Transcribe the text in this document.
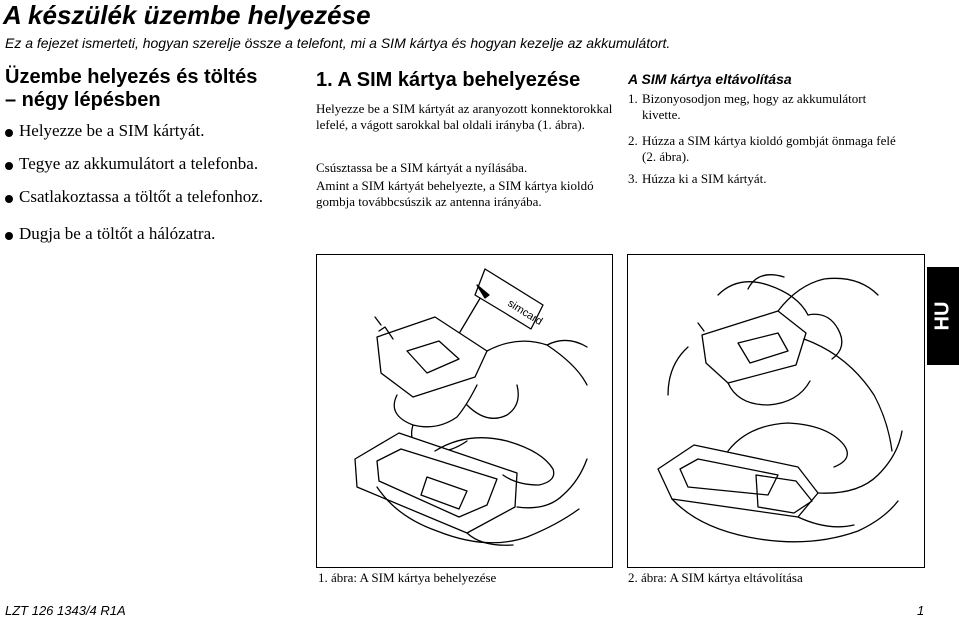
A készülék üzembe helyezése
Ez a fejezet ismerteti, hogyan szerelje össze a telefont, mi a SIM kártya és hogyan kezelje az akkumulátort.
Üzembe helyezés és töltés
– négy lépésben
Helyezze be a SIM kártyát.
Tegye az akkumulátort a telefonba.
Csatlakoztassa a töltőt a telefonhoz.
Dugja be a töltőt a hálózatra.
1. A SIM kártya behelyezése
Helyezze be a SIM kártyát az aranyozott konnektorokkal lefelé, a vágott sarokkal bal oldali irányba (1. ábra).
Csúsztassa be a SIM kártyát a nyílásába.
Amint a SIM kártyát behelyezte, a SIM kártya kioldó gombja továbbcsúszik az antenna irányába.
A SIM kártya eltávolítása
1. Bizonyosodjon meg, hogy az akkumulátort
kivette.
2. Húzza a SIM kártya kioldó gombját önmaga felé
(2. ábra).
3. Húzza ki a SIM kártyát.
HU
simcard
1. ábra: A SIM kártya behelyezése	2. ábra: A SIM kártya eltávolítása
LZT 126 1343/4 R1A	1
